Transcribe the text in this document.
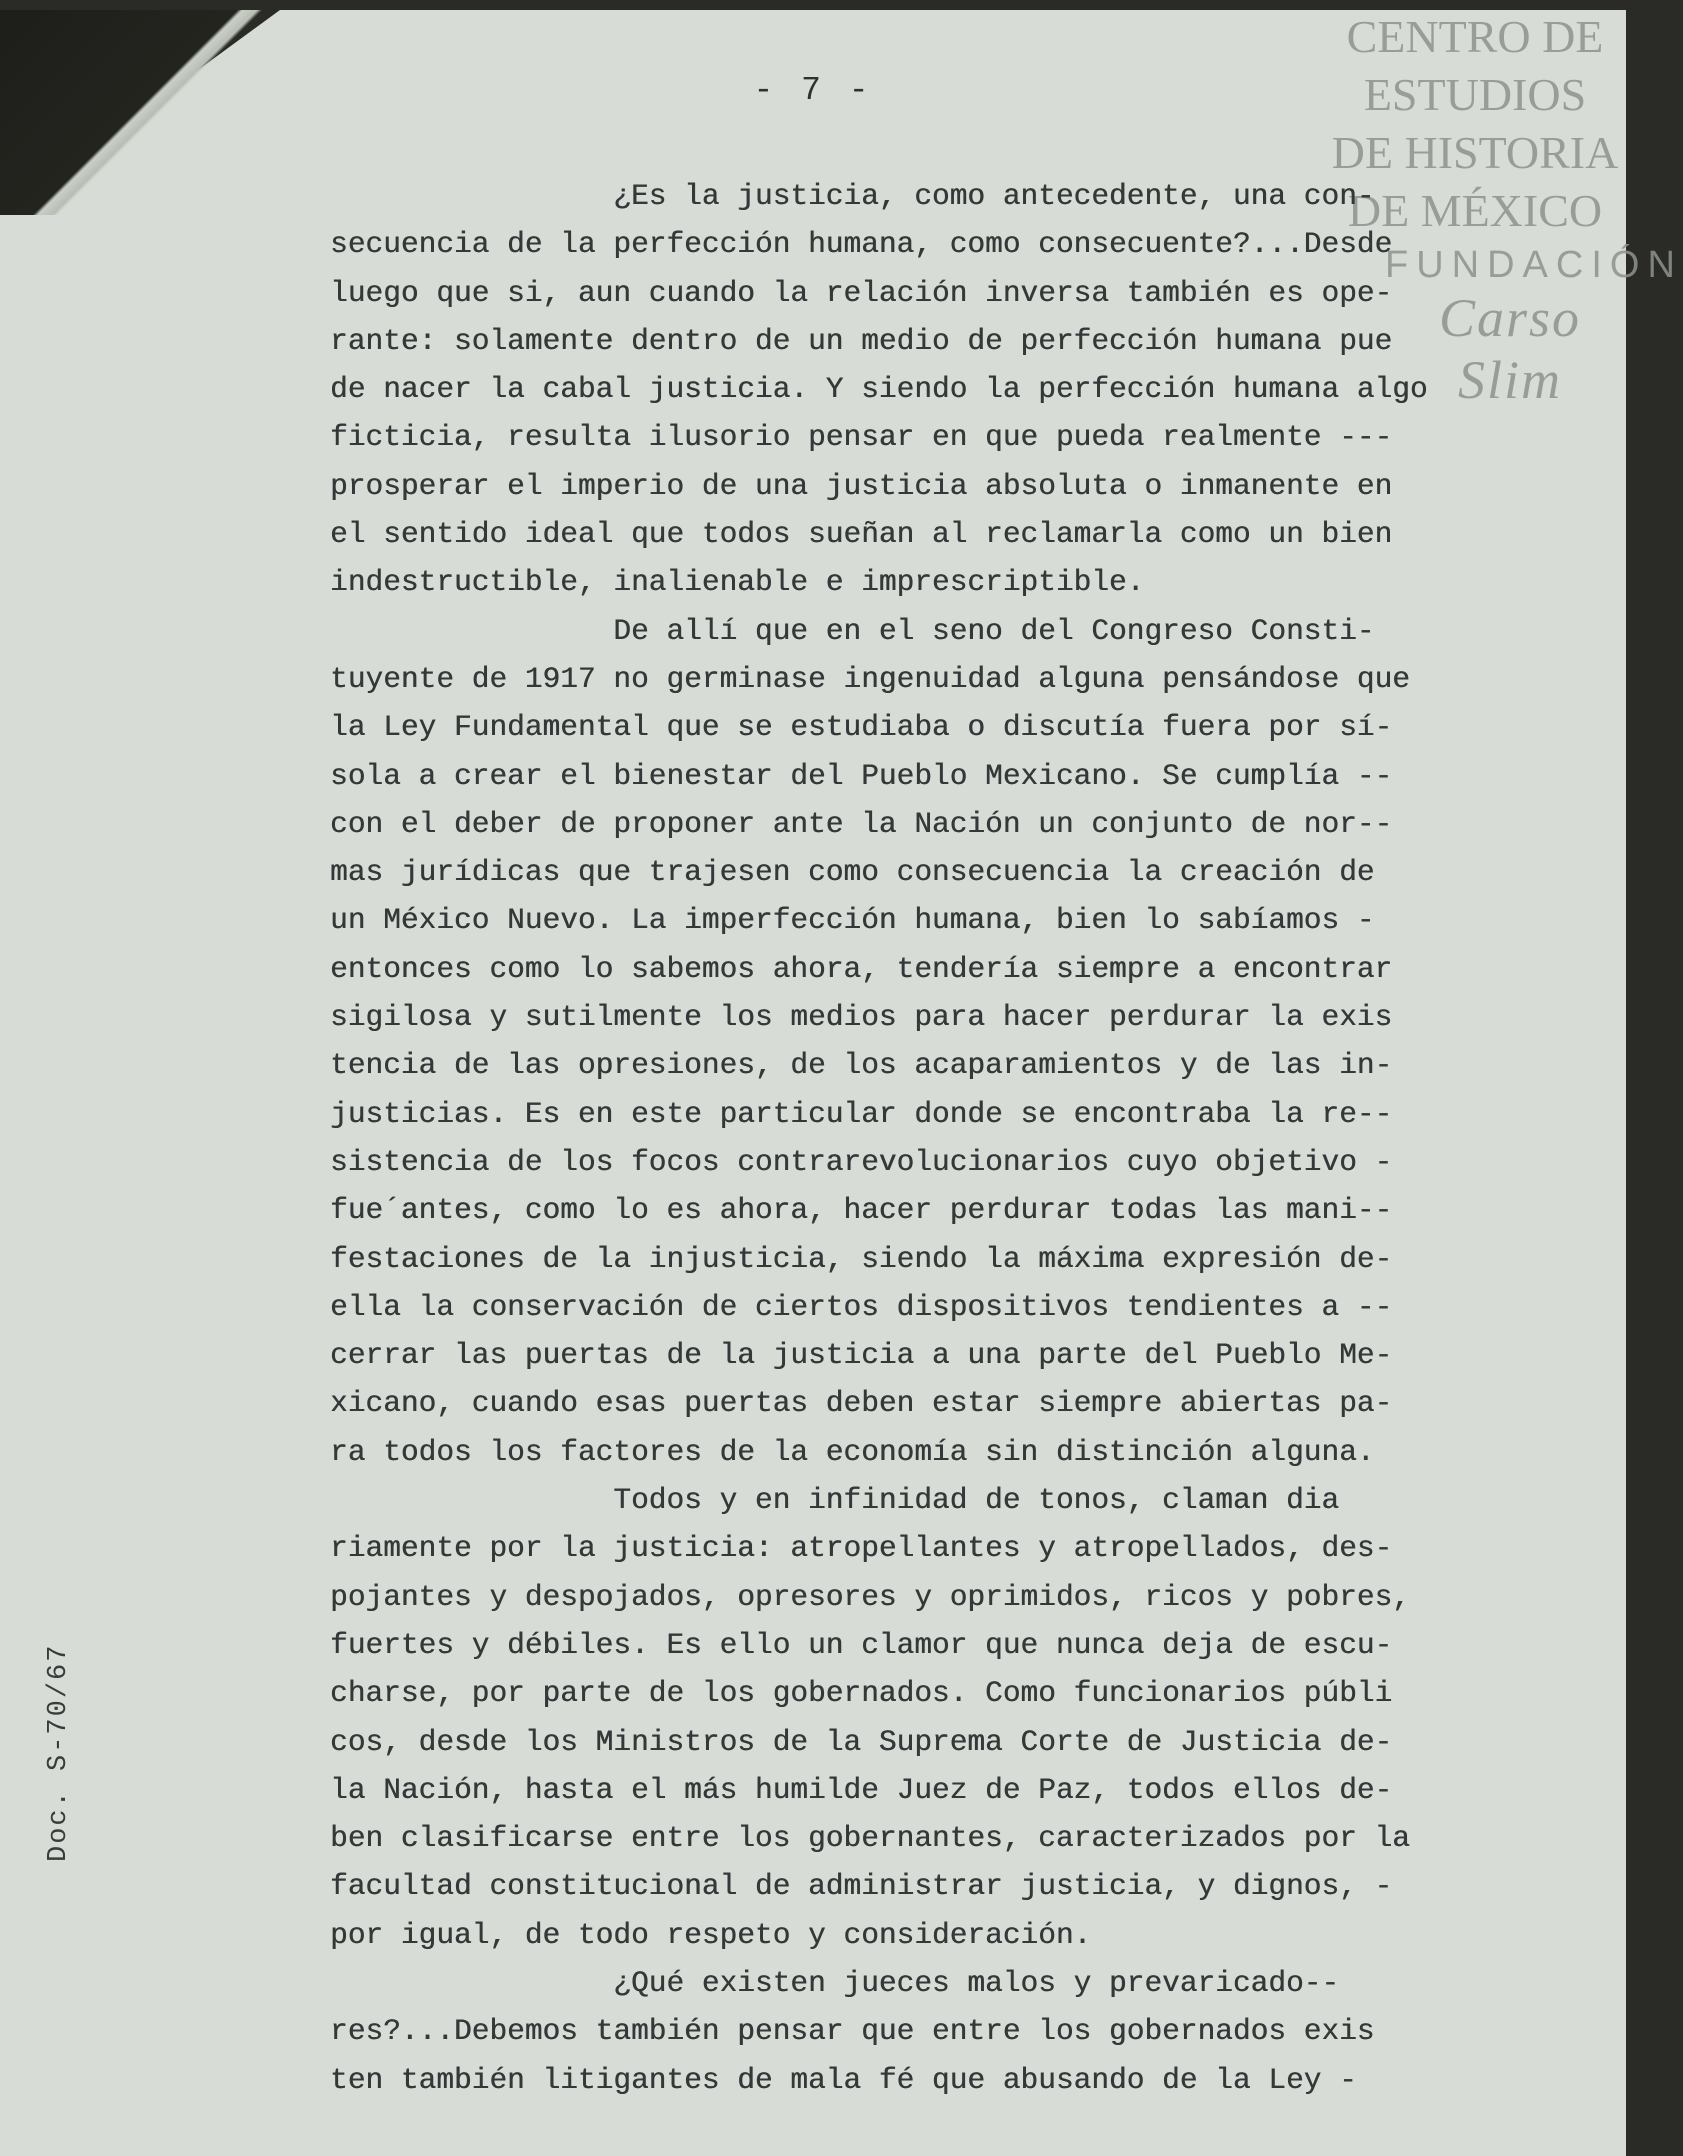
- 7 -
CENTRO DE
ESTUDIOS
DE HISTORIA
DE MÉXICO
FUNDACIÓN
Carso Slim

¿Es la justicia, como antecedente, una con-
secuencia de la perfección humana, como consecuente?...Desde
luego que si, aun cuando la relación inversa también es ope-
rante: solamente dentro de un medio de perfección humana pue
de nacer la cabal justicia. Y siendo la perfección humana algo
ficticia, resulta ilusorio pensar en que pueda realmente ---
prosperar el imperio de una justicia absoluta o inmanente en
el sentido ideal que todos sueñan al reclamarla como un bien
indestructible, inalienable e imprescriptible.

De allí que en el seno del Congreso Consti-
tuyente de 1917 no germinase ingenuidad alguna pensándose que
la Ley Fundamental que se estudiaba o discutía fuera por sí-
sola a crear el bienestar del Pueblo Mexicano. Se cumplía --
con el deber de proponer ante la Nación un conjunto de nor--
mas jurídicas que trajesen como consecuencia la creación de
un México Nuevo. La imperfección humana, bien lo sabíamos -
entonces como lo sabemos ahora, tendería siempre a encontrar
sigilosa y sutilmente los medios para hacer perdurar la exis
tencia de las opresiones, de los acaparamientos y de las in-
justicias. Es en este particular donde se encontraba la re--
sistencia de los focos contrarevolucionarios cuyo objetivo -
fue´antes, como lo es ahora, hacer perdurar todas las mani--
festaciones de la injusticia, siendo la máxima expresión de-
ella la conservación de ciertos dispositivos tendientes a --
cerrar las puertas de la justicia a una parte del Pueblo Me-
xicano, cuando esas puertas deben estar siempre abiertas pa-
ra todos los factores de la economía sin distinción alguna.

Todos y en infinidad de tonos, claman dia
riamente por la justicia: atropellantes y atropellados, des-
pojantes y despojados, opresores y oprimidos, ricos y pobres,
fuertes y débiles. Es ello un clamor que nunca deja de escu-
charse, por parte de los gobernados. Como funcionarios públi
cos, desde los Ministros de la Suprema Corte de Justicia de-
la Nación, hasta el más humilde Juez de Paz, todos ellos de-
ben clasificarse entre los gobernantes, caracterizados por la
facultad constitucional de administrar justicia, y dignos, -
por igual, de todo respeto y consideración.

¿Qué existen jueces malos y prevaricado--
res?...Debemos también pensar que entre los gobernados exis
ten también litigantes de mala fé que abusando de la Ley -

Doc. S-70/67
